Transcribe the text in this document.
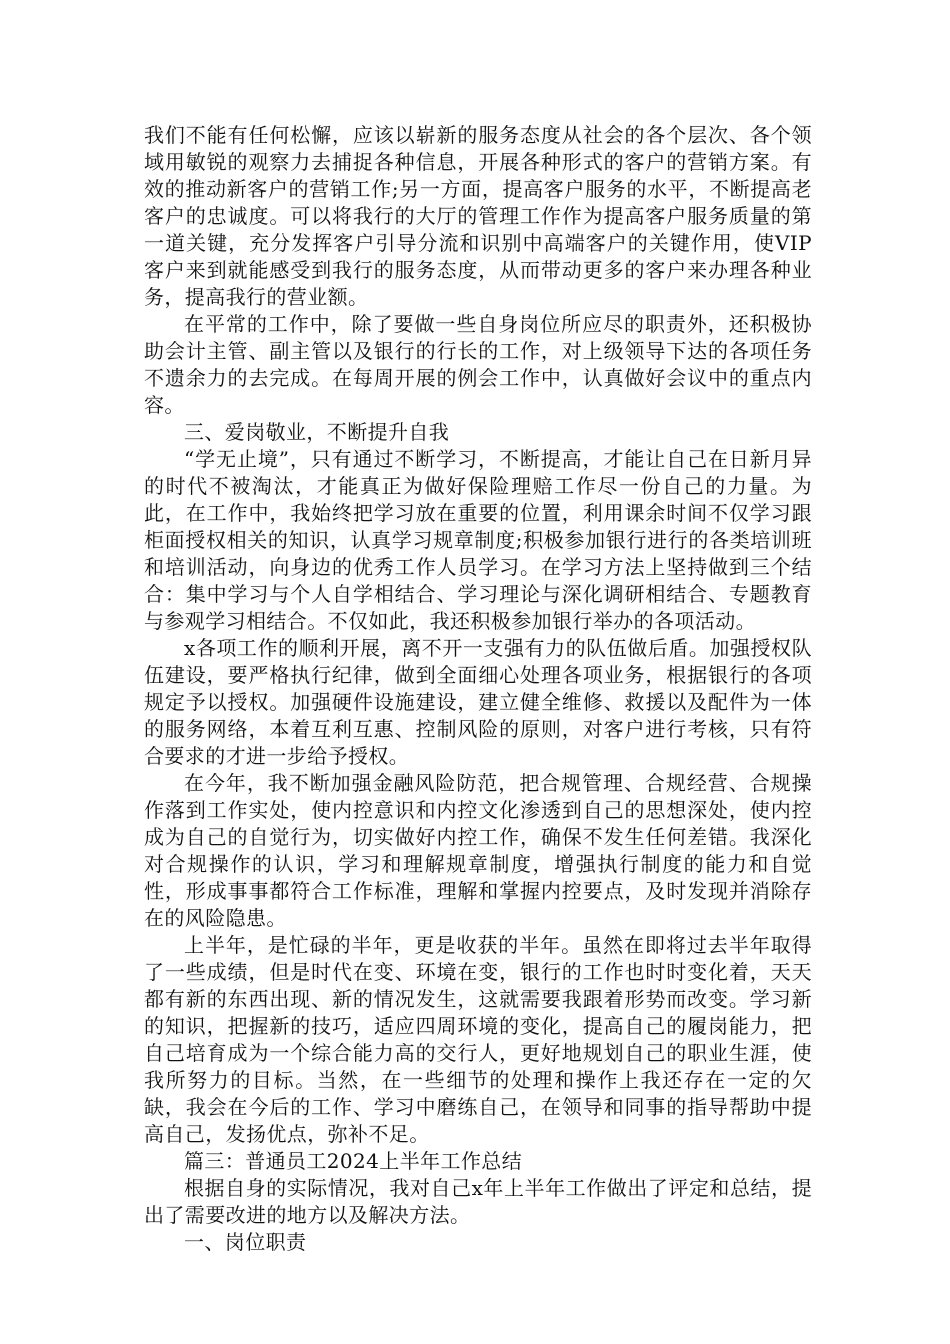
我们不能有任何松懈，应该以崭新的服务态度从社会的各个层次、各个领域用敏锐的观察力去捕捉各种信息，开展各种形式的客户的营销方案。有效的推动新客户的营销工作;另一方面，提高客户服务的水平，不断提高老客户的忠诚度。可以将我行的大厅的管理工作作为提高客户服务质量的第一道关键，充分发挥客户引导分流和识别中高端客户的关键作用，使VIP客户来到就能感受到我行的服务态度，从而带动更多的客户来办理各种业务，提高我行的营业额。

在平常的工作中，除了要做一些自身岗位所应尽的职责外，还积极协助会计主管、副主管以及银行的行长的工作，对上级领导下达的各项任务不遗余力的去完成。在每周开展的例会工作中，认真做好会议中的重点内容。

三、爱岗敬业，不断提升自我

“学无止境”，只有通过不断学习，不断提高，才能让自己在日新月异的时代不被淘汰，才能真正为做好保险理赔工作尽一份自己的力量。为此，在工作中，我始终把学习放在重要的位置，利用课余时间不仅学习跟柜面授权相关的知识，认真学习规章制度;积极参加银行进行的各类培训班和培训活动，向身边的优秀工作人员学习。在学习方法上坚持做到三个结合：集中学习与个人自学相结合、学习理论与深化调研相结合、专题教育与参观学习相结合。不仅如此，我还积极参加银行举办的各项活动。

x各项工作的顺利开展，离不开一支强有力的队伍做后盾。加强授权队伍建设，要严格执行纪律，做到全面细心处理各项业务，根据银行的各项规定予以授权。加强硬件设施建设，建立健全维修、救援以及配件为一体的服务网络，本着互利互惠、控制风险的原则，对客户进行考核，只有符合要求的才进一步给予授权。

在今年，我不断加强金融风险防范，把合规管理、合规经营、合规操作落到工作实处，使内控意识和内控文化渗透到自己的思想深处，使内控成为自己的自觉行为，切实做好内控工作，确保不发生任何差错。我深化对合规操作的认识，学习和理解规章制度，增强执行制度的能力和自觉性，形成事事都符合工作标准，理解和掌握内控要点，及时发现并消除存在的风险隐患。

上半年，是忙碌的半年，更是收获的半年。虽然在即将过去半年取得了一些成绩，但是时代在变、环境在变，银行的工作也时时变化着，天天都有新的东西出现、新的情况发生，这就需要我跟着形势而改变。学习新的知识，把握新的技巧，适应四周环境的变化，提高自己的履岗能力，把自己培育成为一个综合能力高的交行人，更好地规划自己的职业生涯，使我所努力的目标。当然，在一些细节的处理和操作上我还存在一定的欠缺，我会在今后的工作、学习中磨练自己，在领导和同事的指导帮助中提高自己，发扬优点，弥补不足。

篇三：普通员工2024上半年工作总结

根据自身的实际情况，我对自己x年上半年工作做出了评定和总结，提出了需要改进的地方以及解决方法。

一、岗位职责
